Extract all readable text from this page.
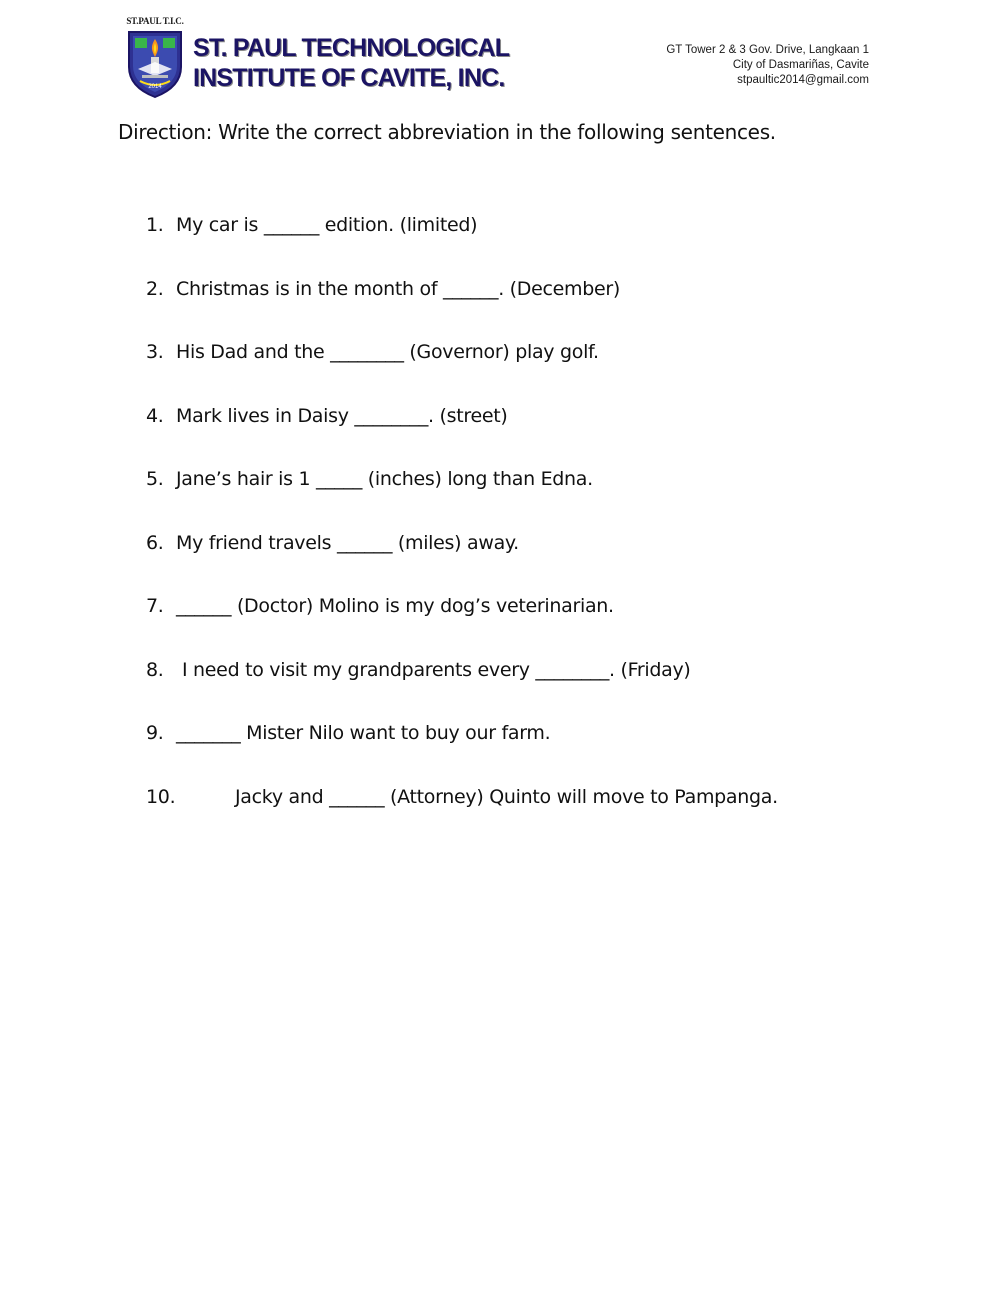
ST.PAUL T.I.C.
2014
ST. PAUL TECHNOLOGICAL
INSTITUTE OF CAVITE, INC.
GT Tower 2 & 3 Gov. Drive, Langkaan 1
City of Dasmariñas, Cavite
stpaultic2014@gmail.com
Direction: Write the correct abbreviation in the following sentences.
1. My car is ______ edition. (limited)
2. Christmas is in the month of ______. (December)
3. His Dad and the ________ (Governor) play golf.
4. Mark lives in Daisy ________. (street)
5. Jane’s hair is 1 _____ (inches) long than Edna.
6. My friend travels ______ (miles) away.
7. ______ (Doctor) Molino is my dog’s veterinarian.
8. I need to visit my grandparents every ________. (Friday)
9. _______ Mister Nilo want to buy our farm.
10.	Jacky and ______ (Attorney) Quinto will move to Pampanga.
